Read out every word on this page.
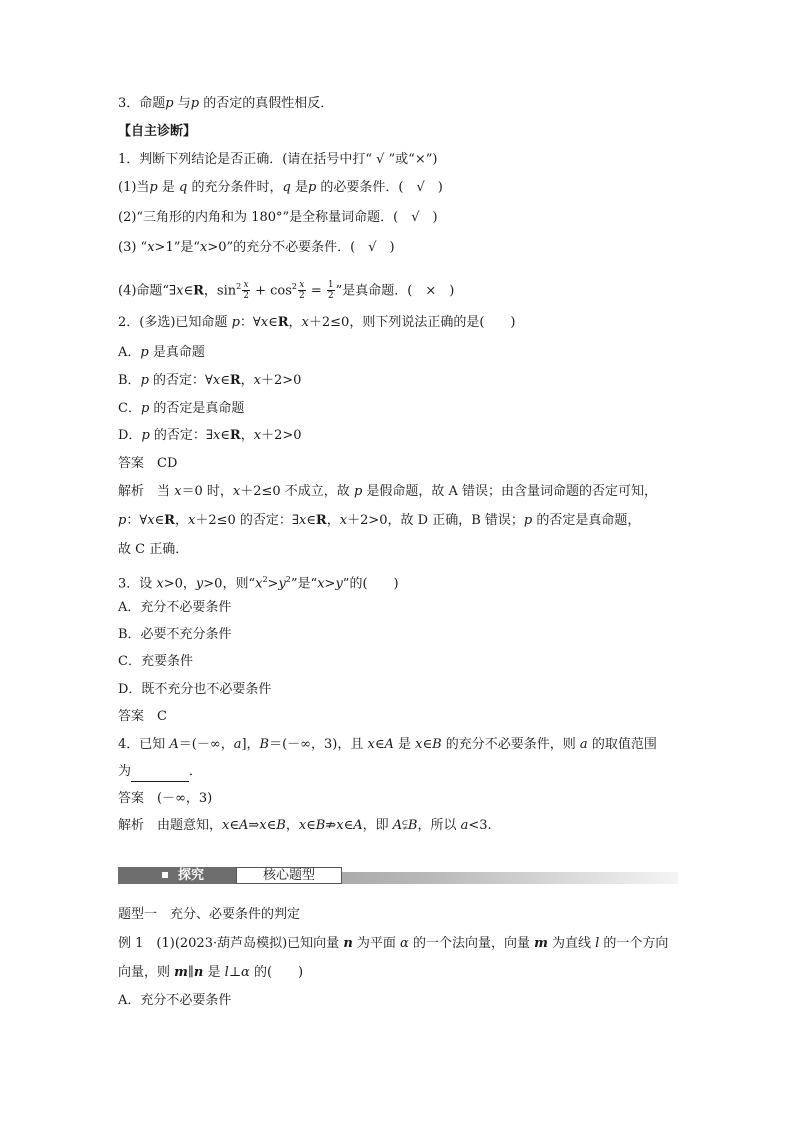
3．命题p 与p 的否定的真假性相反．
【自主诊断】
1．判断下列结论是否正确．(请在括号中打“ √ ”或“×”)
(1)当p 是 q 的充分条件时，q 是p 的必要条件．(　√　)
(2)“三角形的内角和为 180°”是全称量词命题．(　√　)
(3) “x>1”是“x>0”的充分不必要条件．(　√　)
(4)命题“∃x∈R，$\sin^2 \frac{x}{2} + \cos^2 \frac{x}{2} = \frac{1}{2}$ ”是真命题．(　×　)
2．(多选)已知命题 p：∀x∈R，x＋2≤0，则下列说法正确的是(　　)
A．p 是真命题
B．p 的否定：∀x∈R，x＋2>0
C．p 的否定是真命题
D．p 的否定：∃x∈R，x＋2>0
答案　CD
解析　当 x＝0 时，x＋2≤0 不成立，故 p 是假命题，故 A 错误；由含量词命题的否定可知，
p：∀x∈R，x＋2≤0 的否定：∃x∈R，x＋2>0，故 D 正确，B 错误；p 的否定是真命题，
故 C 正确．
3．设 x>0，y>0，则“$x^2>y^2$”是“x>y”的(　　)
A．充分不必要条件
B．必要不充分条件
C．充要条件
D．既不充分也不必要条件
答案　C
4．已知 A＝(－∞，a]，B＝(－∞，3)，且 x∈A 是 x∈B 的充分不必要条件，则 a 的取值范围
为	．
答案　(－∞，3)
解析　由题意知，x∈A⇒x∈B，x∈B⇏x∈A，即 A⫋B，所以 a<3.
题型一　充分、必要条件的判定
例 1　(1)(2023·葫芦岛模拟)已知向量 n 为平面 α 的一个法向量，向量 m 为直线 l 的一个方向
向量，则 m∥n 是 l⊥α 的(　　)
A．充分不必要条件
探究	核心题型
